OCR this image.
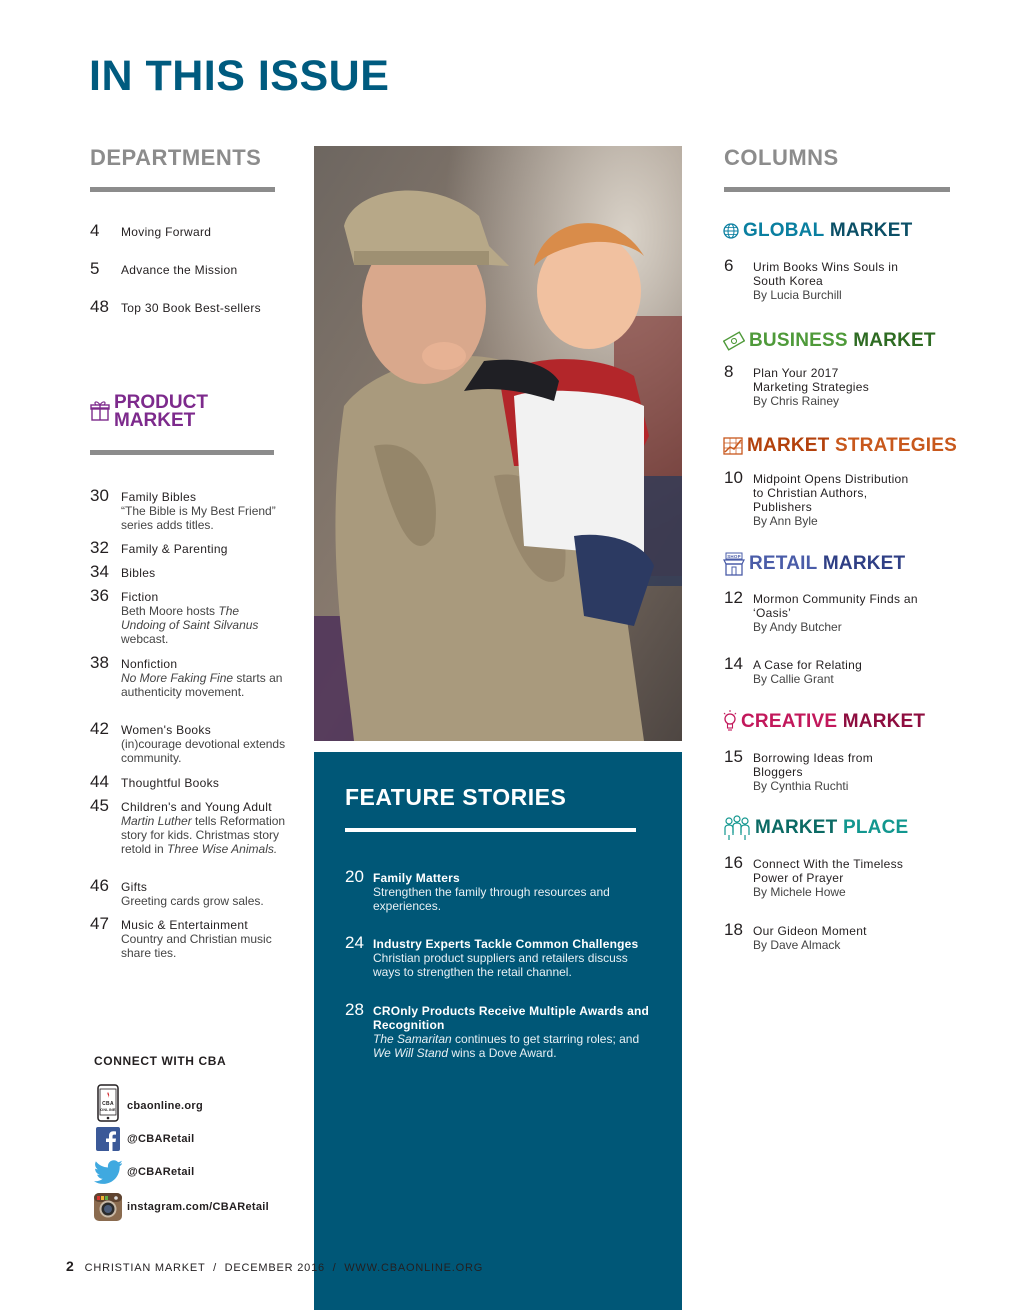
IN THIS ISSUE
DEPARTMENTS
4	Moving Forward
5	Advance the Mission
48	Top 30 Book Best-sellers
PRODUCT
MARKET
30	Family Bibles
“The Bible is My Best Friend” series adds titles.
32	Family & Parenting
34	Bibles
36	Fiction
Beth Moore hosts The Undoing of Saint Silvanus webcast.
38	Nonfiction
No More Faking Fine starts an authenticity movement.
42	Women's Books
(in)courage devotional extends community.
44	Thoughtful Books
45	Children's and Young Adult
Martin Luther tells Reformation story for kids. Christmas story retold in Three Wise Animals.
46	Gifts
Greeting cards grow sales.
47	Music & Entertainment
Country and Christian music share ties.
CONNECT WITH CBA
CBA
ONLINE cbaonline.org
@CBARetail
@CBARetail
instagram.com/CBARetail
COLUMNS
GLOBAL
MARKET
6	Urim Books Wins Souls in South Korea
By Lucia Burchill
BUSINESS
MARKET
8	Plan Your 2017 Marketing Strategies
By Chris Rainey
MARKET
STRATEGIES
10 Midpoint Opens Distribution to Christian Authors, Publishers
By Ann Byle
SHOP RETAIL
MARKET
12 Mormon Community Finds an ‘Oasis’
By Andy Butcher
14 A Case for Relating
By Callie Grant
CREATIVE
MARKET
15 Borrowing Ideas from Bloggers
By Cynthia Ruchti
MARKET
PLACE
16 Connect With the Timeless Power of Prayer
By Michele Howe
18 Our Gideon Moment
By Dave Almack
FEATURE STORIES
20 Family Matters
Strengthen the family through resources and experiences.
24 Industry Experts Tackle Common Challenges
Christian product suppliers and retailers discuss ways to strengthen the retail channel.
28 CROnly Products Receive Multiple Awards and Recognition
The Samaritan continues to get starring roles; and We Will Stand wins a Dove Award.
2 CHRISTIAN MARKET  /  DECEMBER 2016  /  WWW.CBAONLINE.ORG
